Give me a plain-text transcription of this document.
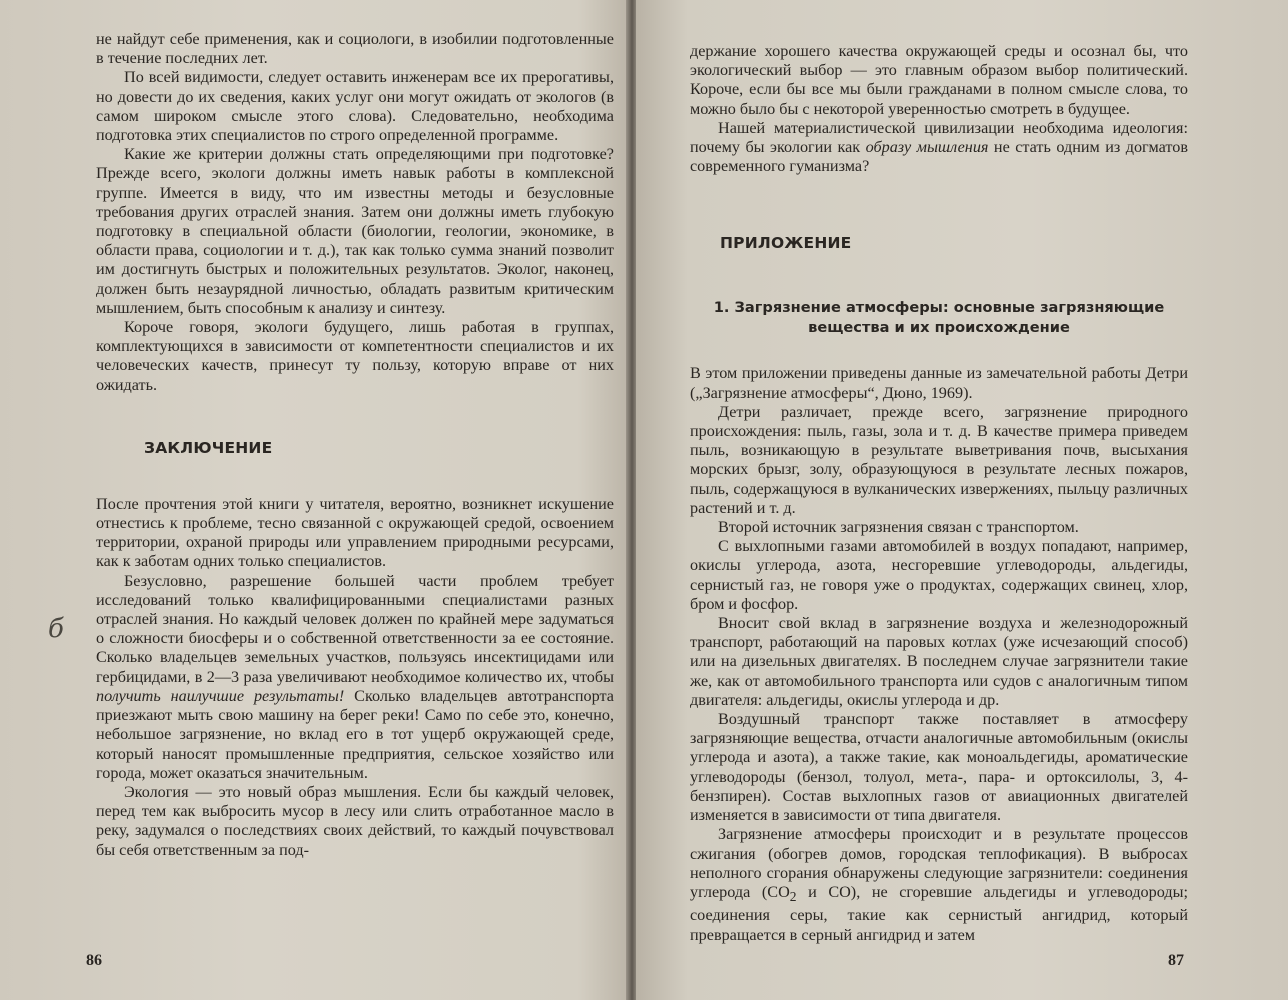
не найдут себе применения, как и социологи, в изобилии подготовленные в течение последних лет.

По всей видимости, следует оставить инженерам все их прерогативы, но довести до их сведения, каких услуг они могут ожидать от экологов (в самом широком смысле этого слова). Следовательно, необходима подготовка этих специалистов по строго определенной программе.

Какие же критерии должны стать определяющими при подготовке? Прежде всего, экологи должны иметь навык работы в комплексной группе. Имеется в виду, что им известны методы и безусловные требования других отраслей знания. Затем они должны иметь глубокую подготовку в специальной области (биологии, геологии, экономике, в области права, социологии и т. д.), так как только сумма знаний позволит им достигнуть быстрых и положительных результатов. Эколог, наконец, должен быть незаурядной личностью, обладать развитым критическим мышлением, быть способным к анализу и синтезу.

Короче говоря, экологи будущего, лишь работая в группах, комплектующихся в зависимости от компетентности специалистов и их человеческих качеств, принесут ту пользу, которую вправе от них ожидать.

ЗАКЛЮЧЕНИЕ

После прочтения этой книги у читателя, вероятно, возникнет искушение отнестись к проблеме, тесно связанной с окружающей средой, освоением территории, охраной природы или управлением природными ресурсами, как к заботам одних только специалистов.

Безусловно, разрешение большей части проблем требует исследований только квалифицированными специалистами разных отраслей знания. Но каждый человек должен по крайней мере задуматься о сложности биосферы и о собственной ответственности за ее состояние. Сколько владельцев земельных участков, пользуясь инсектицидами или гербицидами, в 2—3 раза увеличивают необходимое количество их, чтобы получить наилучшие результаты! Сколько владельцев автотранспорта приезжают мыть свою машину на берег реки! Само по себе это, конечно, небольшое загрязнение, но вклад его в тот ущерб окружающей среде, который наносят промышленные предприятия, сельское хозяйство или города, может оказаться значительным.

Экология — это новый образ мышления. Если бы каждый человек, перед тем как выбросить мусор в лесу или слить отработанное масло в реку, задумался о последствиях своих действий, то каждый почувствовал бы себя ответственным за под-

б
86

держание хорошего качества окружающей среды и осознал бы, что экологический выбор — это главным образом выбор политический. Короче, если бы все мы были гражданами в полном смысле слова, то можно было бы с некоторой уверенностью смотреть в будущее.

Нашей материалистической цивилизации необходима идеология: почему бы экологии как образу мышления не стать одним из догматов современного гуманизма?

ПРИЛОЖЕНИЕ
1. Загрязнение атмосферы: основные загрязняющие
вещества и их происхождение

В этом приложении приведены данные из замечательной работы Детри („Загрязнение атмосферы“, Дюно, 1969).

Детри различает, прежде всего, загрязнение природного происхождения: пыль, газы, зола и т. д. В качестве примера приведем пыль, возникающую в результате выветривания почв, высыхания морских брызг, золу, образующуюся в результате лесных пожаров, пыль, содержащуюся в вулканических извержениях, пыльцу различных растений и т. д.

Второй источник загрязнения связан с транспортом.

С выхлопными газами автомобилей в воздух попадают, например, окислы углерода, азота, несгоревшие углеводороды, альдегиды, сернистый газ, не говоря уже о продуктах, содержащих свинец, хлор, бром и фосфор.

Вносит свой вклад в загрязнение воздуха и железнодорожный транспорт, работающий на паровых котлах (уже исчезающий способ) или на дизельных двигателях. В последнем случае загрязнители такие же, как от автомобильного транспорта или судов с аналогичным типом двигателя: альдегиды, окислы углерода и др.

Воздушный транспорт также поставляет в атмосферу загрязняющие вещества, отчасти аналогичные автомобильным (окислы углерода и азота), а также такие, как моноальдегиды, ароматические углеводороды (бензол, толуол, мета-, пара- и ортоксилолы, 3, 4-бензпирен). Состав выхлопных газов от авиационных двигателей изменяется в зависимости от типа двигателя.

Загрязнение атмосферы происходит и в результате процессов сжигания (обогрев домов, городская теплофикация). В выбросах неполного сгорания обнаружены следующие загрязнители: соединения углерода ($CO_2$ и CO), не сгоревшие альдегиды и углеводороды; соединения серы, такие как сернистый ангидрид, который превращается в серный ангидрид и затем

87
